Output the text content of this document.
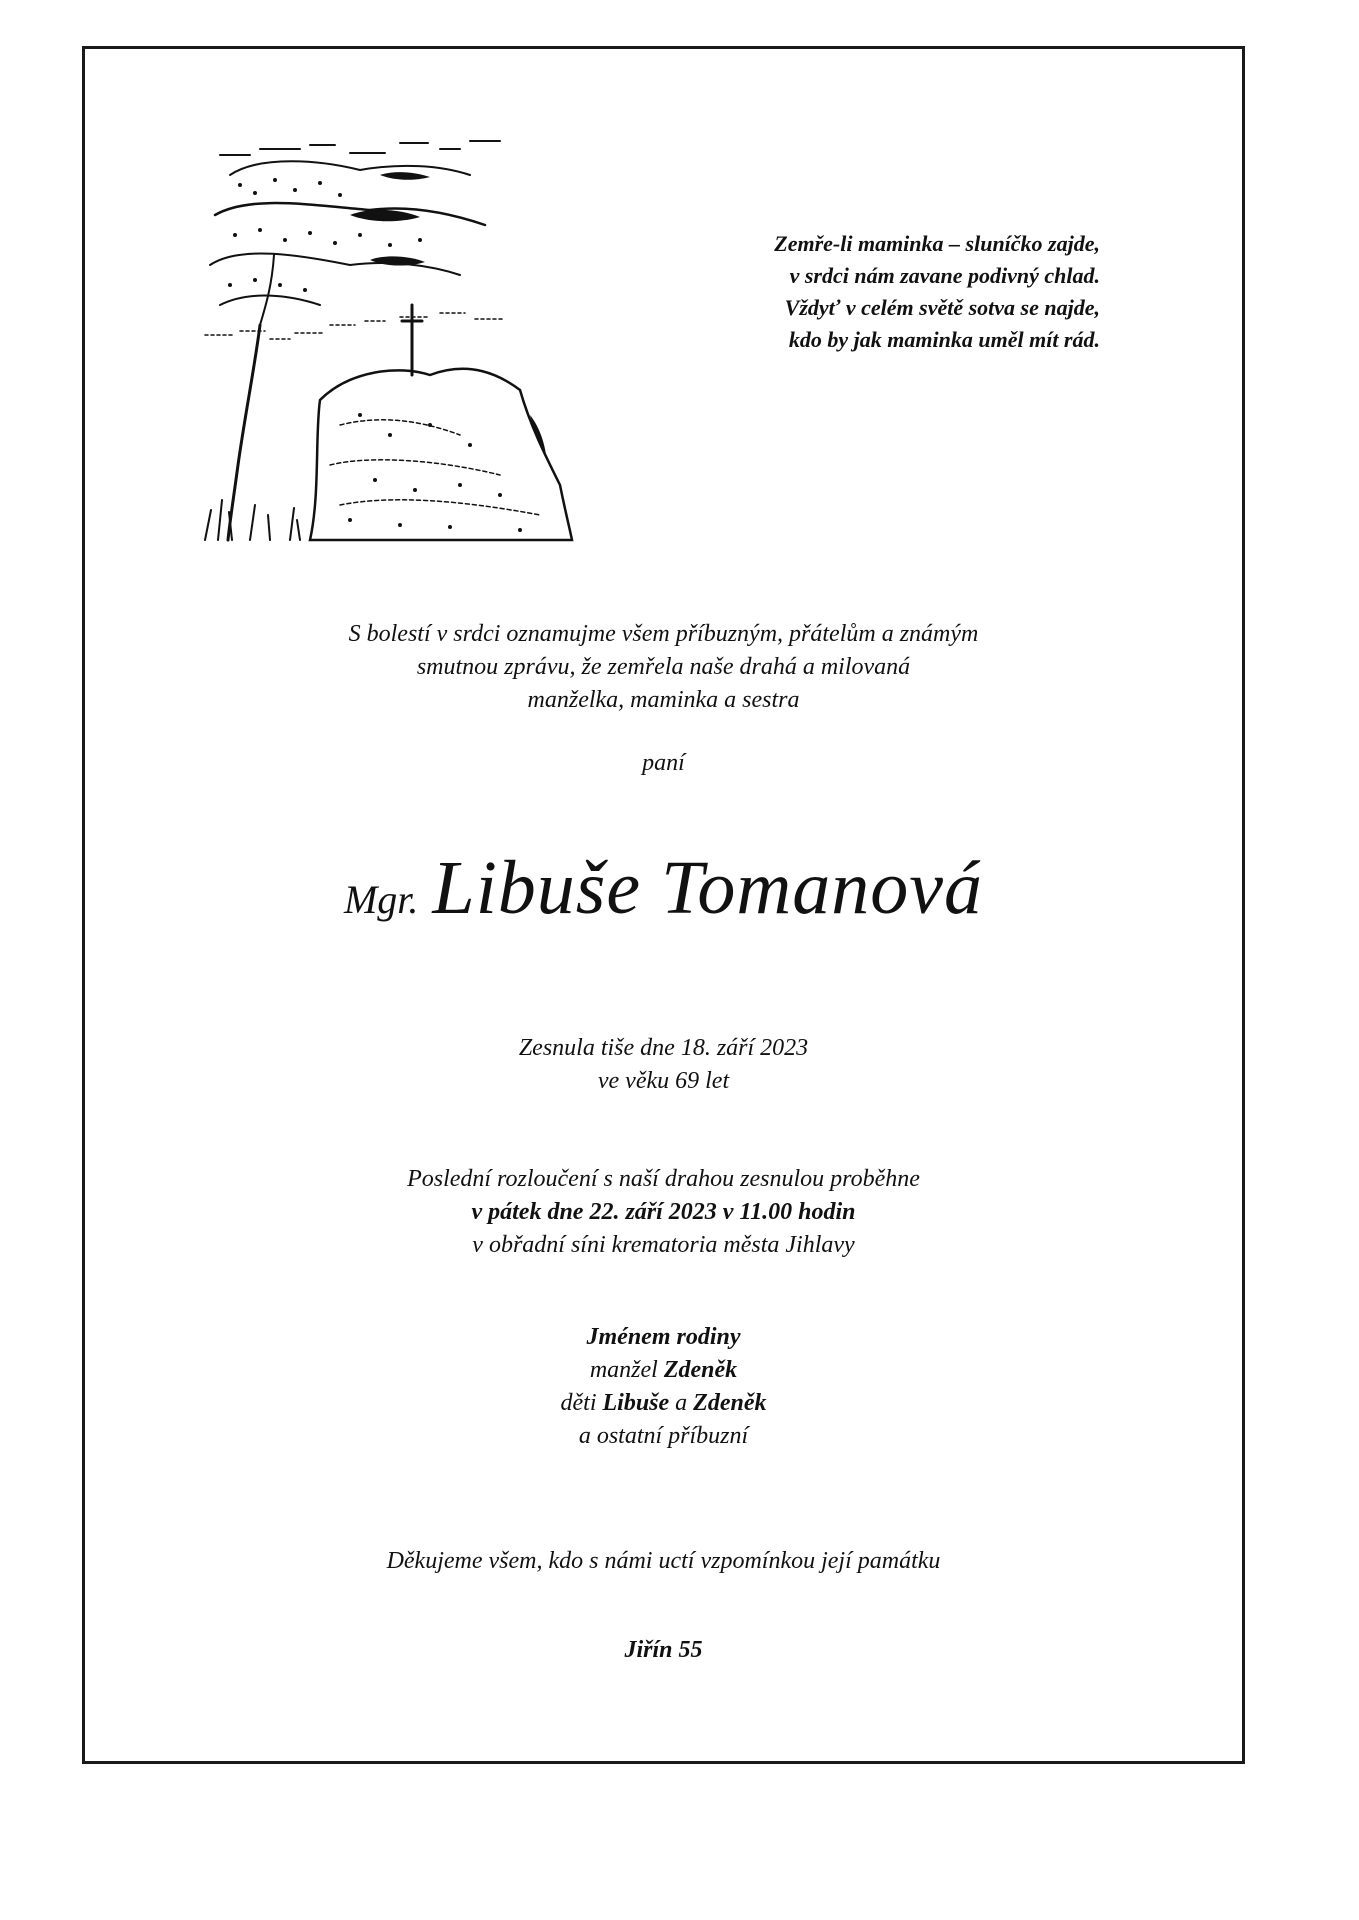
Zemře-li maminka – sluníčko zajde,
v srdci nám zavane podivný chlad.
Vždyť v celém světě sotva se najde,
kdo by jak maminka uměl mít rád.
S bolestí v srdci oznamujme všem příbuzným, přátelům a známým
smutnou zprávu, že zemřela naše drahá a milovaná
manželka, maminka a sestra
paní
Mgr. Libuše Tomanová
Zesnula tiše dne 18. září 2023
ve věku 69 let
Poslední rozloučení s naší drahou zesnulou proběhne
v pátek dne 22. září 2023 v 11.00 hodin
v obřadní síni krematoria města Jihlavy
Jménem rodiny
manžel Zdeněk
děti Libuše a Zdeněk
a ostatní příbuzní
Děkujeme všem, kdo s námi uctí vzpomínkou její památku
Jiřín 55
